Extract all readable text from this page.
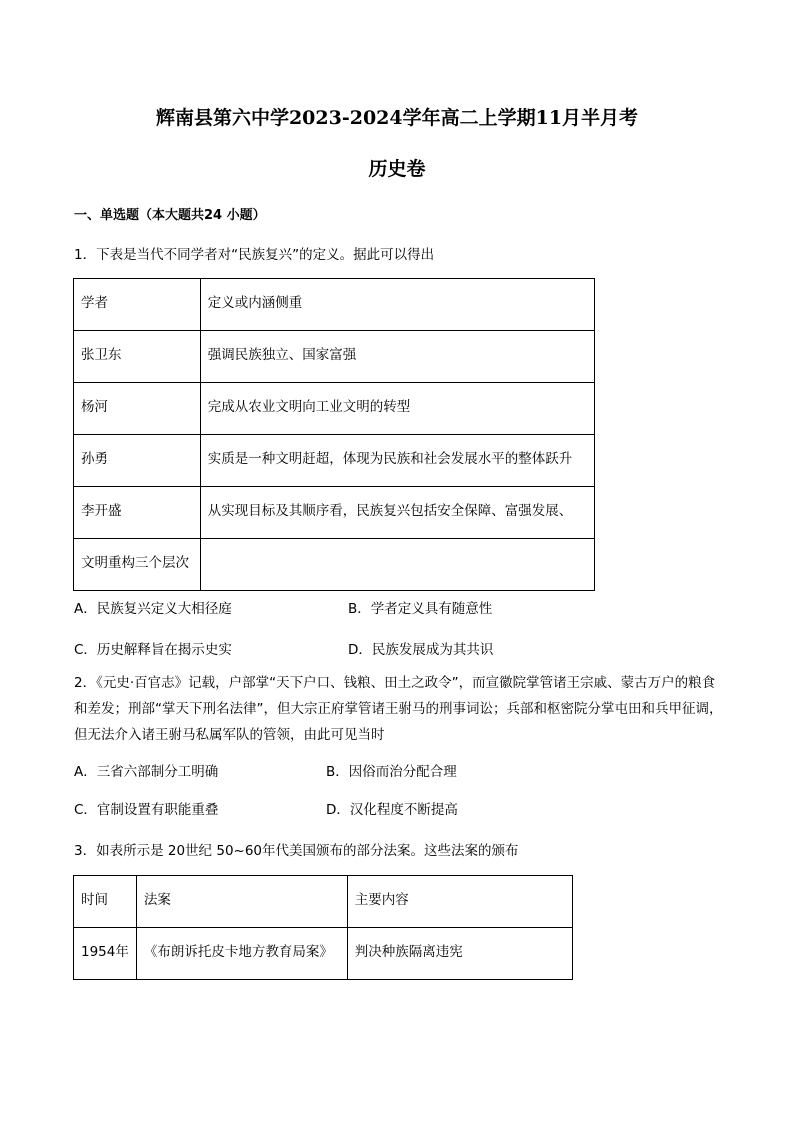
辉南县第六中学2023-2024学年高二上学期11月半月考
历史卷
一、单选题（本大题共24 小题）
1．下表是当代不同学者对“民族复兴”的定义。据此可以得出
学者	定义或内涵侧重
张卫东	强调民族独立、国家富强
杨河	完成从农业文明向工业文明的转型
孙勇	实质是一种文明赶超，体现为民族和社会发展水平的整体跃升
李开盛	从实现目标及其顺序看，民族复兴包括安全保障、富强发展、
文明重构三个层次	
A．民族复兴定义大相径庭	B．学者定义具有随意性
C．历史解释旨在揭示史实	D．民族发展成为其共识
2．《元史·百官志》记载，户部掌“天下户口、钱粮、田土之政令”，而宣徽院掌管诸王宗戚、蒙古万户的粮食和差发；刑部“掌天下刑名法律”，但大宗正府掌管诸王驸马的刑事词讼；兵部和枢密院分掌屯田和兵甲征调，但无法介入诸王驸马私属军队的管领，由此可见当时
A．三省六部制分工明确	B．因俗而治分配合理
C．官制设置有职能重叠	D．汉化程度不断提高
3．如表所示是 20世纪 50~60年代美国颁布的部分法案。这些法案的颁布
时间	法案	主要内容
1954年	《布朗诉托皮卡地方教育局案》	判决种族隔离违宪
